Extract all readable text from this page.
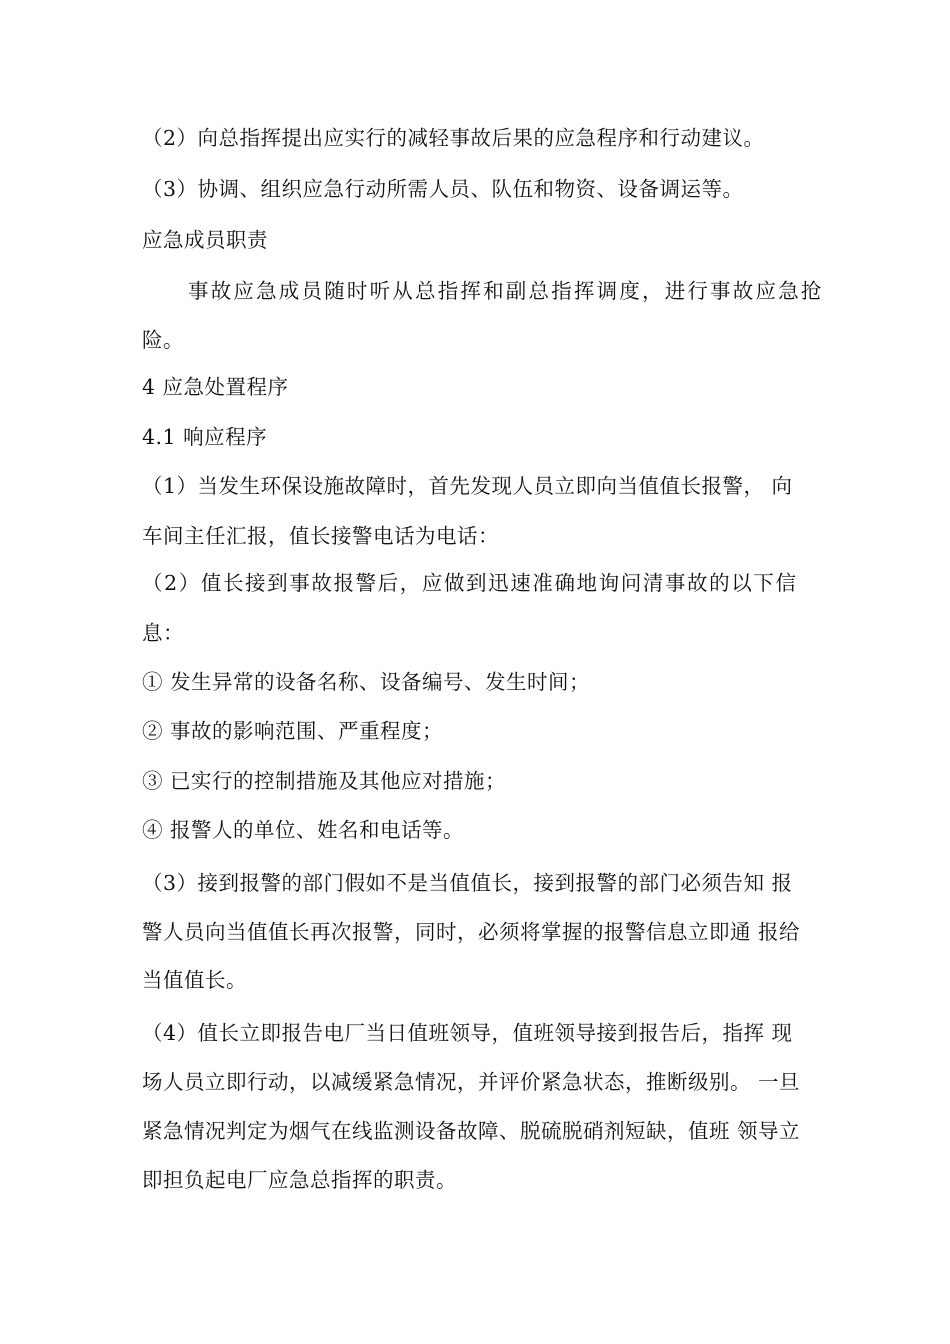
（2）向总指挥提出应实行的减轻事故后果的应急程序和行动建议。
（3）协调、组织应急行动所需人员、队伍和物资、设备调运等。
应急成员职责
事故应急成员随时听从总指挥和副总指挥调度，进行事故应急抢
险。
4 应急处置程序
4.1 响应程序
（1）当发生环保设施故障时，首先发现人员立即向当值值长报警， 向
车间主任汇报，值长接警电话为电话：
（2）值长接到事故报警后，应做到迅速准确地询问清事故的以下信
息：
① 发生异常的设备名称、设备编号、发生时间；
② 事故的影响范围、严重程度；
③ 已实行的控制措施及其他应对措施；
④ 报警人的单位、姓名和电话等。
（3）接到报警的部门假如不是当值值长，接到报警的部门必须告知 报
警人员向当值值长再次报警，同时，必须将掌握的报警信息立即通 报给
当值值长。
（4）值长立即报告电厂当日值班领导，值班领导接到报告后，指挥 现
场人员立即行动，以减缓紧急情况，并评价紧急状态，推断级别。 一旦
紧急情况判定为烟气在线监测设备故障、脱硫脱硝剂短缺，值班 领导立
即担负起电厂应急总指挥的职责。
